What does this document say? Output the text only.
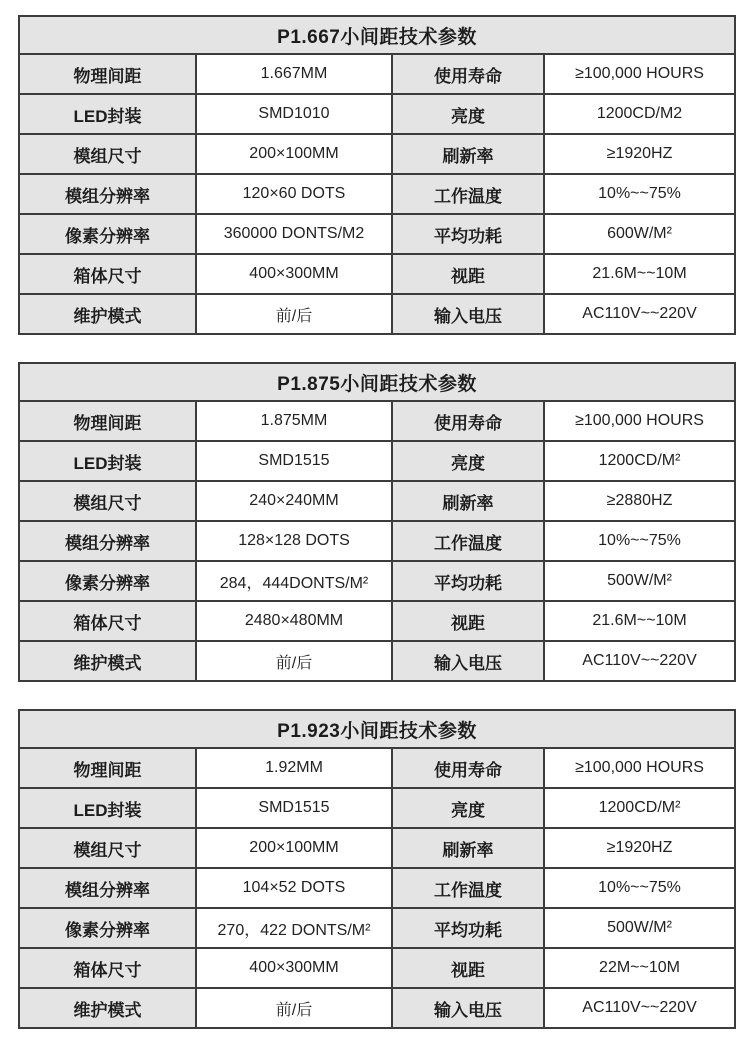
P1.667小间距技术参数			
物理间距	1.667MM	使用寿命	≥100,000 HOURS
LED封装	SMD1010	亮度	1200CD/M2
模组尺寸	200×100MM	刷新率	≥1920HZ
模组分辨率	120×60 DOTS	工作温度	10%~~75%
像素分辨率	360000 DONTS/M2	平均功耗	600W/M²
箱体尺寸	400×300MM	视距	21.6M~~10M
维护模式	前/后	输入电压	AC110V~~220V
P1.875小间距技术参数			
物理间距	1.875MM	使用寿命	≥100,000 HOURS
LED封装	SMD1515	亮度	1200CD/M²
模组尺寸	240×240MM	刷新率	≥2880HZ
模组分辨率	128×128 DOTS	工作温度	10%~~75%
像素分辨率	284，444DONTS/M²	平均功耗	500W/M²
箱体尺寸	2480×480MM	视距	21.6M~~10M
维护模式	前/后	输入电压	AC110V~~220V
P1.923小间距技术参数			
物理间距	1.92MM	使用寿命	≥100,000 HOURS
LED封装	SMD1515	亮度	1200CD/M²
模组尺寸	200×100MM	刷新率	≥1920HZ
模组分辨率	104×52 DOTS	工作温度	10%~~75%
像素分辨率	270，422 DONTS/M²	平均功耗	500W/M²
箱体尺寸	400×300MM	视距	22M~~10M
维护模式	前/后	输入电压	AC110V~~220V
